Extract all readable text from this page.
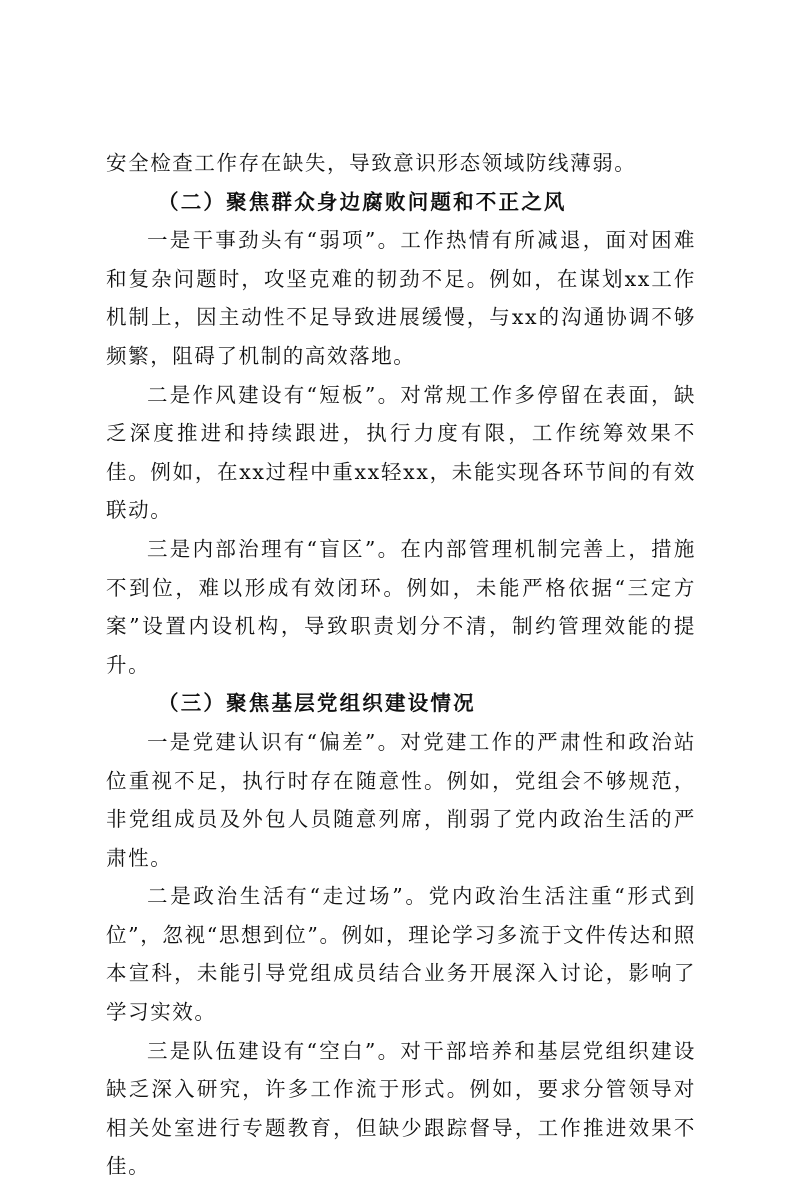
安全检查工作存在缺失，导致意识形态领域防线薄弱。

（二）聚焦群众身边腐败问题和不正之风

一是干事劲头有“弱项”。工作热情有所减退，面对困难和复杂问题时，攻坚克难的韧劲不足。例如，在谋划xx工作机制上，因主动性不足导致进展缓慢，与xx的沟通协调不够频繁，阻碍了机制的高效落地。

二是作风建设有“短板”。对常规工作多停留在表面，缺乏深度推进和持续跟进，执行力度有限，工作统筹效果不佳。例如，在xx过程中重xx轻xx，未能实现各环节间的有效联动。

三是内部治理有“盲区”。在内部管理机制完善上，措施不到位，难以形成有效闭环。例如，未能严格依据“三定方案”设置内设机构，导致职责划分不清，制约管理效能的提升。

（三）聚焦基层党组织建设情况

一是党建认识有“偏差”。对党建工作的严肃性和政治站位重视不足，执行时存在随意性。例如，党组会不够规范，非党组成员及外包人员随意列席，削弱了党内政治生活的严肃性。

二是政治生活有“走过场”。党内政治生活注重“形式到位”，忽视“思想到位”。例如，理论学习多流于文件传达和照本宣科，未能引导党组成员结合业务开展深入讨论，影响了学习实效。

三是队伍建设有“空白”。对干部培养和基层党组织建设缺乏深入研究，许多工作流于形式。例如，要求分管领导对相关处室进行专题教育，但缺少跟踪督导，工作推进效果不佳。
